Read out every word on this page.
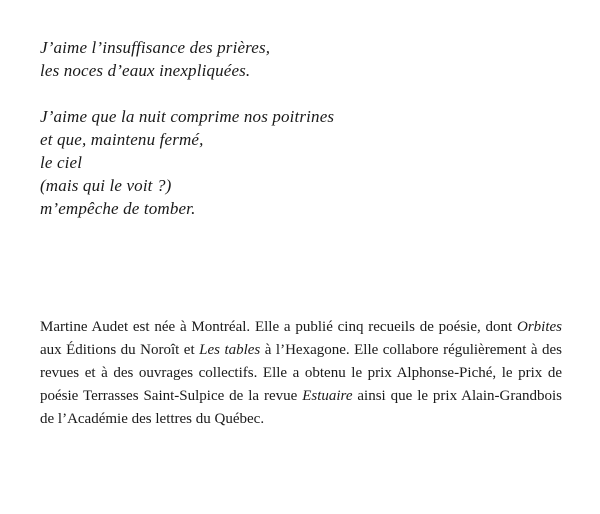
J’aime l’insuffisance des prières,
les noces d’eaux inexpliquées.

J’aime que la nuit comprime nos poitrines
et que, maintenu fermé,
le ciel
(mais qui le voit ?)
m’empêche de tomber.

Martine Audet est née à Montréal. Elle a publié cinq recueils de poésie, dont Orbites aux Éditions du Noroît et Les tables à l’Hexagone. Elle collabore régulièrement à des revues et à des ouvrages collectifs. Elle a obtenu le prix Alphonse-Piché, le prix de poésie Terrasses Saint-Sulpice de la revue Estuaire ainsi que le prix Alain-Grandbois de l’Académie des lettres du Québec.
